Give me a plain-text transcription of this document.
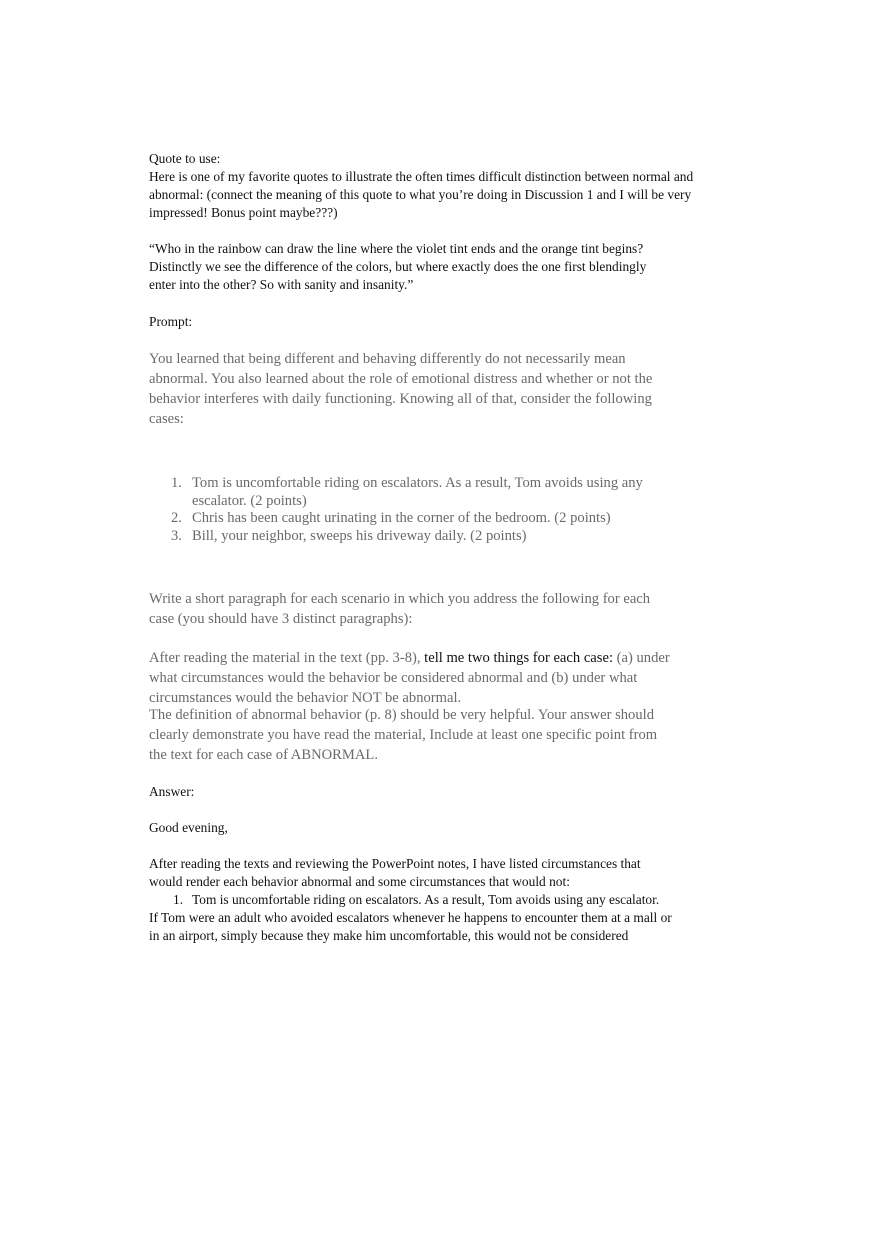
Quote to use:

Here is one of my favorite quotes to illustrate the often times difficult distinction between normal and abnormal: (connect the meaning of this quote to what you’re doing in Discussion 1 and I will be very impressed! Bonus point maybe???)

“Who in the rainbow can draw the line where the violet tint ends and the orange tint begins? Distinctly we see the difference of the colors, but where exactly does the one first blendingly enter into the other? So with sanity and insanity.”

Prompt:

You learned that being different and behaving differently do not necessarily mean abnormal. You also learned about the role of emotional distress and whether or not the behavior interferes with daily functioning. Knowing all of that, consider the following cases:

1. Tom is uncomfortable riding on escalators. As a result, Tom avoids using any escalator. (2 points)
2. Chris has been caught urinating in the corner of the bedroom. (2 points)
3. Bill, your neighbor, sweeps his driveway daily. (2 points)

Write a short paragraph for each scenario in which you address the following for each case (you should have 3 distinct paragraphs):

After reading the material in the text (pp. 3-8), tell me two things for each case: (a) under what circumstances would the behavior be considered abnormal and (b) under what circumstances would the behavior NOT be abnormal.

The definition of abnormal behavior (p. 8) should be very helpful. Your answer should clearly demonstrate you have read the material, Include at least one specific point from the text for each case of ABNORMAL.

Answer:

Good evening,

After reading the texts and reviewing the PowerPoint notes, I have listed circumstances that would render each behavior abnormal and some circumstances that would not:

1. Tom is uncomfortable riding on escalators. As a result, Tom avoids using any escalator.
If Tom were an adult who avoided escalators whenever he happens to encounter them at a mall or in an airport, simply because they make him uncomfortable, this would not be considered
